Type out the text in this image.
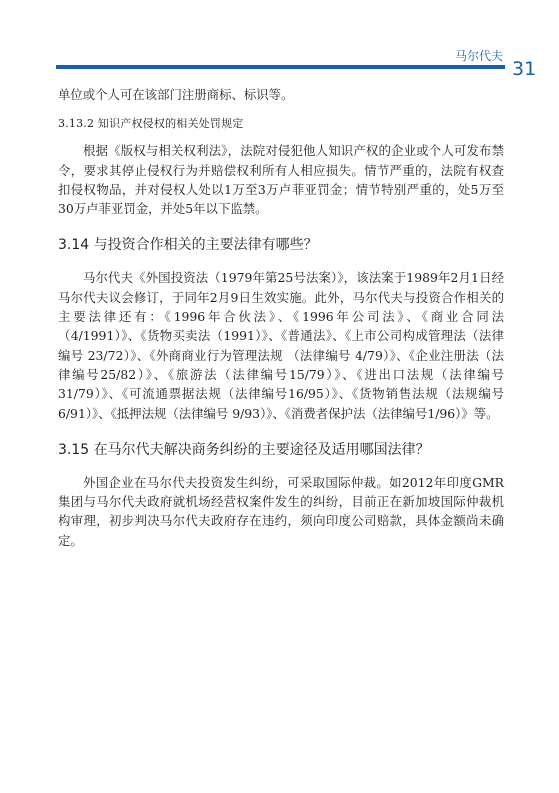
马尔代夫
31

单位或个人可在该部门注册商标、标识等。

3.13.2 知识产权侵权的相关处罚规定

根据《版权与相关权利法》，法院对侵犯他人知识产权的企业或个人可发布禁令，要求其停止侵权行为并赔偿权利所有人相应损失。情节严重的，法院有权查扣侵权物品，并对侵权人处以1万至3万卢菲亚罚金；情节特别严重的，处5万至30万卢菲亚罚金，并处5年以下监禁。

3.14 与投资合作相关的主要法律有哪些？

马尔代夫《外国投资法（1979年第25号法案）》，该法案于1989年2月1日经马尔代夫议会修订，于同年2月9日生效实施。此外，马尔代夫与投资合作相关的主要法律还有：《1996年合伙法》、《1996年公司法》、《商业合同法（4/1991）》、《货物买卖法（1991）》、《普通法》、《上市公司构成管理法（法律编号 23/72）》、《外商商业行为管理法规 （法律编号 4/79）》、《企业注册法（法律编号25/82）》、《旅游法（法律编号15/79）》、《进出口法规（法律编号31/79）》、《可流通票据法规（法律编号16/95）》、《货物销售法规（法规编号6/91）》、《抵押法规（法律编号 9/93）》、《消费者保护法（法律编号1/96）》等。

3.15 在马尔代夫解决商务纠纷的主要途径及适用哪国法律？

外国企业在马尔代夫投资发生纠纷，可采取国际仲裁。如2012年印度GMR集团与马尔代夫政府就机场经营权案件发生的纠纷，目前正在新加坡国际仲裁机构审理，初步判决马尔代夫政府存在违约，须向印度公司赔款，具体金额尚未确定。
